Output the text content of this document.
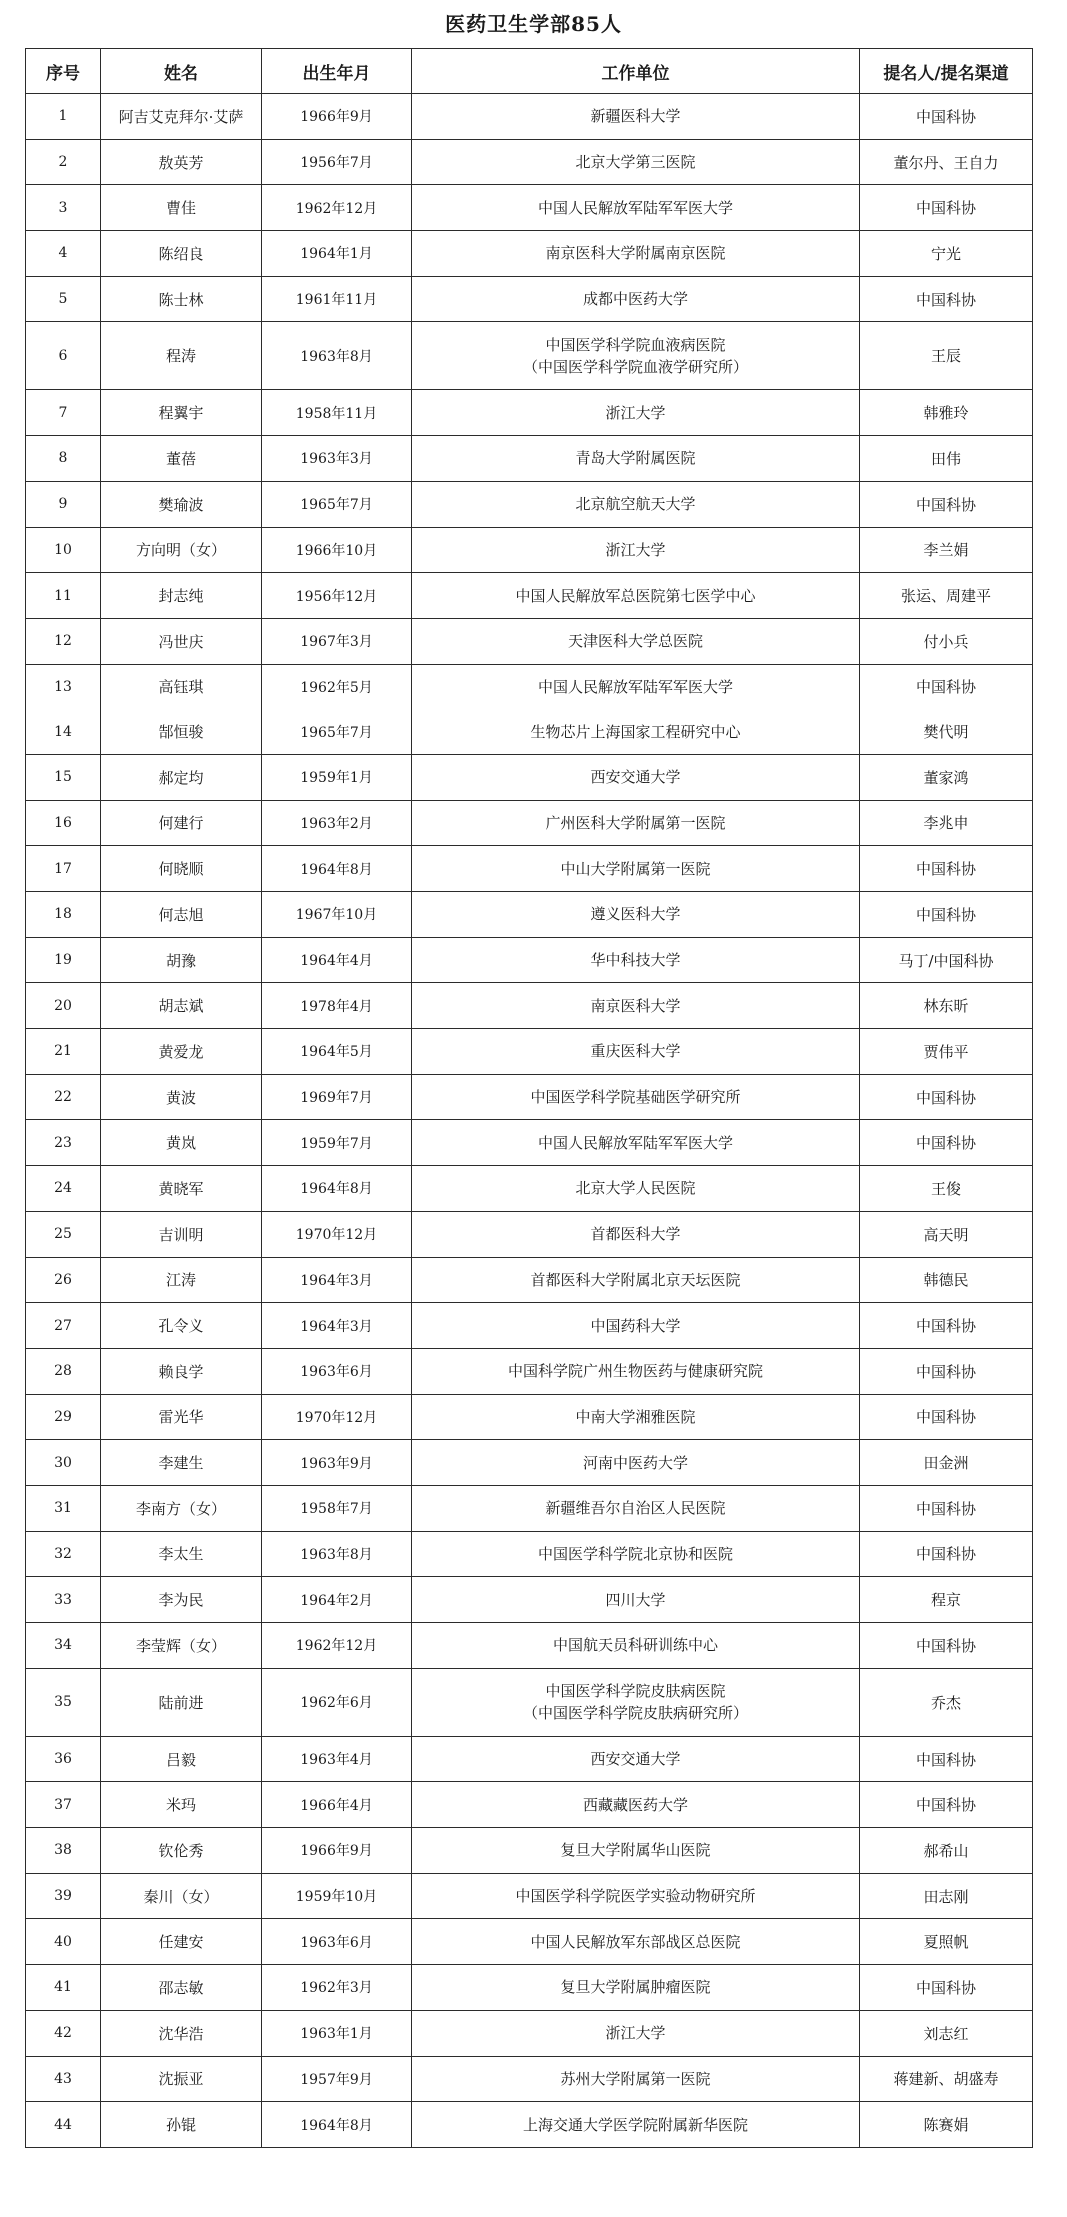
医药卫生学部85人
序号	姓名	出生年月	工作单位	提名人/提名渠道
1	阿吉艾克拜尔·艾萨	1966年9月	新疆医科大学	中国科协
2	敖英芳	1956年7月	北京大学第三医院	董尔丹、王自力
3	曹佳	1962年12月	中国人民解放军陆军军医大学	中国科协
4	陈绍良	1964年1月	南京医科大学附属南京医院	宁光
5	陈士林	1961年11月	成都中医药大学	中国科协
6	程涛	1963年8月	中国医学科学院血液病医院
（中国医学科学院血液学研究所）	王辰
7	程翼宇	1958年11月	浙江大学	韩雅玲
8	董蓓	1963年3月	青岛大学附属医院	田伟
9	樊瑜波	1965年7月	北京航空航天大学	中国科协
10	方向明（女）	1966年10月	浙江大学	李兰娟
11	封志纯	1956年12月	中国人民解放军总医院第七医学中心	张运、周建平
12	冯世庆	1967年3月	天津医科大学总医院	付小兵
13	高钰琪	1962年5月	中国人民解放军陆军军医大学	中国科协
14	郜恒骏	1965年7月	生物芯片上海国家工程研究中心	樊代明
15	郝定均	1959年1月	西安交通大学	董家鸿
16	何建行	1963年2月	广州医科大学附属第一医院	李兆申
17	何晓顺	1964年8月	中山大学附属第一医院	中国科协
18	何志旭	1967年10月	遵义医科大学	中国科协
19	胡豫	1964年4月	华中科技大学	马丁/中国科协
20	胡志斌	1978年4月	南京医科大学	林东昕
21	黄爱龙	1964年5月	重庆医科大学	贾伟平
22	黄波	1969年7月	中国医学科学院基础医学研究所	中国科协
23	黄岚	1959年7月	中国人民解放军陆军军医大学	中国科协
24	黄晓军	1964年8月	北京大学人民医院	王俊
25	吉训明	1970年12月	首都医科大学	高天明
26	江涛	1964年3月	首都医科大学附属北京天坛医院	韩德民
27	孔令义	1964年3月	中国药科大学	中国科协
28	赖良学	1963年6月	中国科学院广州生物医药与健康研究院	中国科协
29	雷光华	1970年12月	中南大学湘雅医院	中国科协
30	李建生	1963年9月	河南中医药大学	田金洲
31	李南方（女）	1958年7月	新疆维吾尔自治区人民医院	中国科协
32	李太生	1963年8月	中国医学科学院北京协和医院	中国科协
33	李为民	1964年2月	四川大学	程京
34	李莹辉（女）	1962年12月	中国航天员科研训练中心	中国科协
35	陆前进	1962年6月	中国医学科学院皮肤病医院
（中国医学科学院皮肤病研究所）	乔杰
36	吕毅	1963年4月	西安交通大学	中国科协
37	米玛	1966年4月	西藏藏医药大学	中国科协
38	钦伦秀	1966年9月	复旦大学附属华山医院	郝希山
39	秦川（女）	1959年10月	中国医学科学院医学实验动物研究所	田志刚
40	任建安	1963年6月	中国人民解放军东部战区总医院	夏照帆
41	邵志敏	1962年3月	复旦大学附属肿瘤医院	中国科协
42	沈华浩	1963年1月	浙江大学	刘志红
43	沈振亚	1957年9月	苏州大学附属第一医院	蒋建新、胡盛寿
44	孙锟	1964年8月	上海交通大学医学院附属新华医院	陈赛娟
